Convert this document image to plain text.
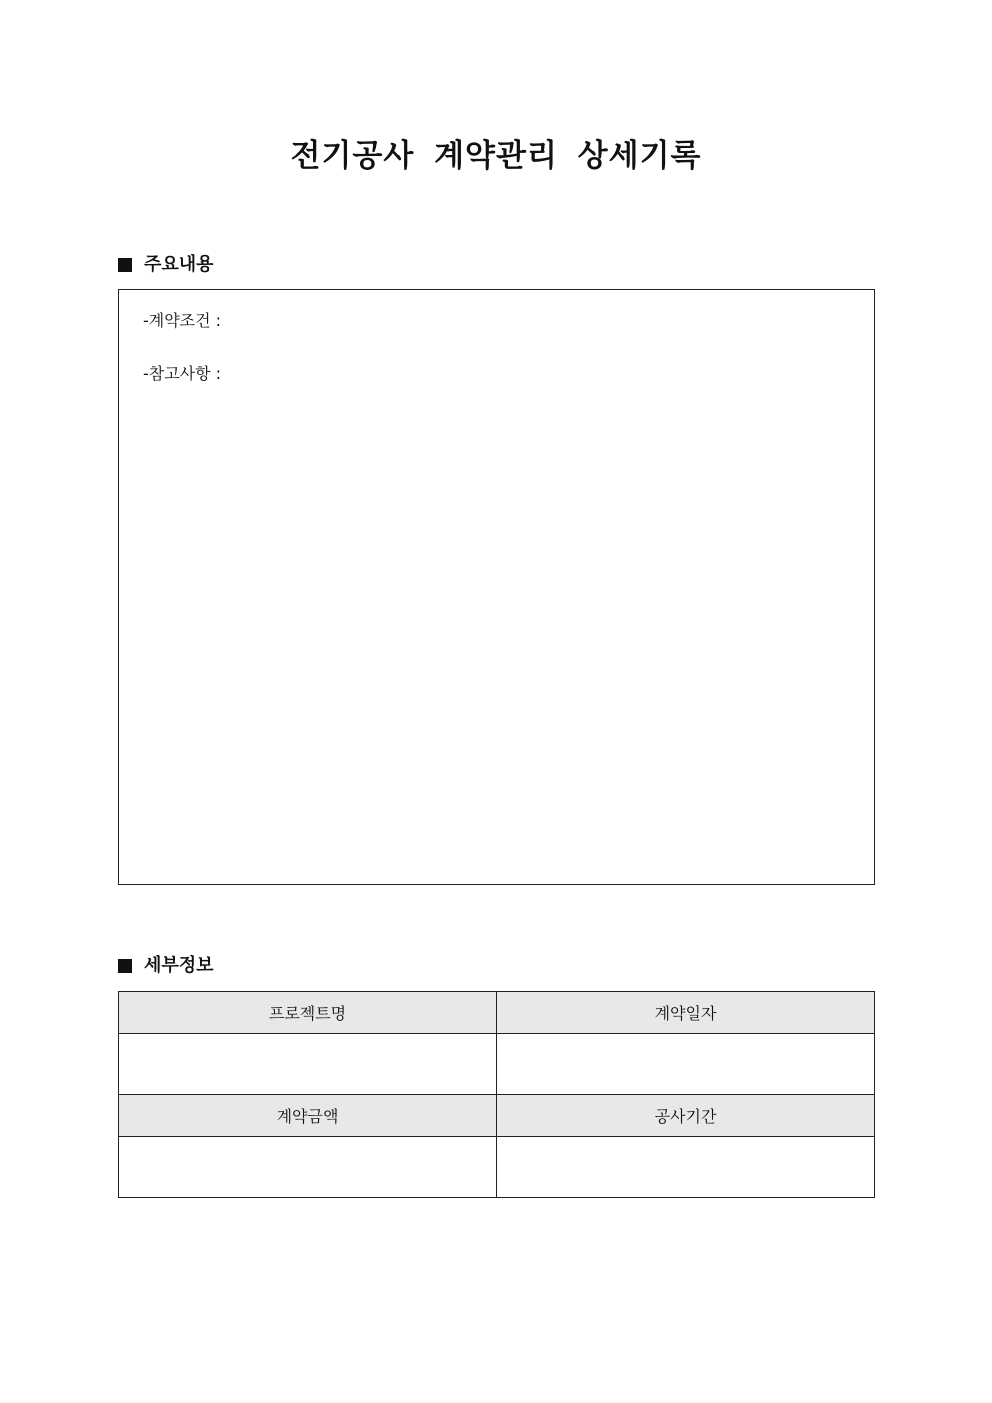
전기공사 계약관리 상세기록
주요내용
-계약조건 :
-참고사항 :
세부정보
프로젝트명	계약일자

계약금액	공사기간
